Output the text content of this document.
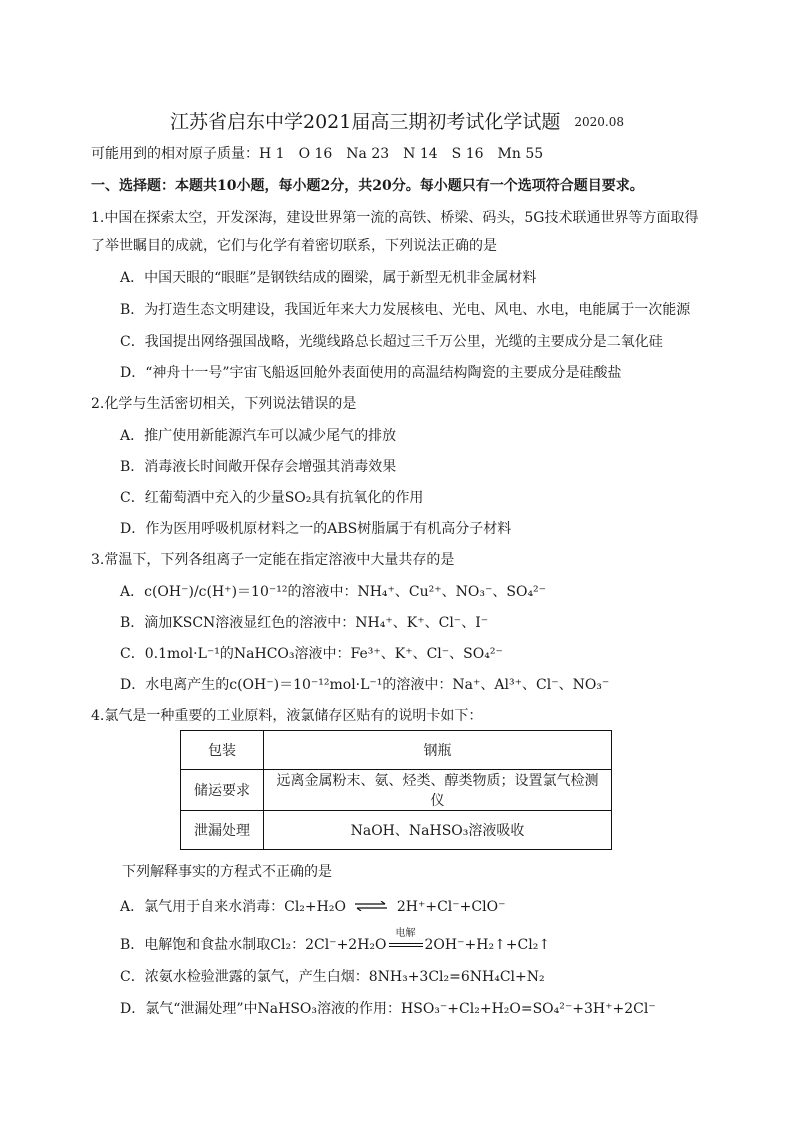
江苏省启东中学2021届高三期初考试化学试题 2020.08
可能用到的相对原子质量：H 1　O 16　Na 23　N 14　S 16　Mn 55
一、选择题：本题共10小题，每小题2分，共20分。每小题只有一个选项符合题目要求。
1.中国在探索太空，开发深海，建设世界第一流的高铁、桥梁、码头，5G技术联通世界等方面取得
了举世瞩目的成就，它们与化学有着密切联系，下列说法正确的是
A．中国天眼的“眼眶”是钢铁结成的圈梁，属于新型无机非金属材料
B．为打造生态文明建设，我国近年来大力发展核电、光电、风电、水电，电能属于一次能源
C．我国提出网络强国战略，光缆线路总长超过三千万公里，光缆的主要成分是二氧化硅
D．“神舟十一号”宇宙飞船返回舱外表面使用的高温结构陶瓷的主要成分是硅酸盐
2.化学与生活密切相关，下列说法错误的是
A．推广使用新能源汽车可以减少尾气的排放
B．消毒液长时间敞开保存会增强其消毒效果
C．红葡萄酒中充入的少量SO₂具有抗氧化的作用
D．作为医用呼吸机原材料之一的ABS树脂属于有机高分子材料
3.常温下，下列各组离子一定能在指定溶液中大量共存的是
A．c(OH⁻)/c(H⁺)＝10⁻¹²的溶液中：NH₄⁺、Cu²⁺、NO₃⁻、SO₄²⁻
B．滴加KSCN溶液显红色的溶液中：NH₄⁺、K⁺、Cl⁻、I⁻
C．0.1mol·L⁻¹的NaHCO₃溶液中：Fe³⁺、K⁺、Cl⁻、SO₄²⁻
D．水电离产生的c(OH⁻)＝10⁻¹²mol·L⁻¹的溶液中：Na⁺、Al³⁺、Cl⁻、NO₃⁻
4.氯气是一种重要的工业原料，液氯储存区贴有的说明卡如下：
包装	钢瓶
储运要求	远离金属粉末、氨、烃类、醇类物质；设置氯气检测仪
泄漏处理	NaOH、NaHSO₃溶液吸收
下列解释事实的方程式不正确的是
A．氯气用于自来水消毒：Cl₂+H₂O ⇌ 2H⁺+Cl⁻+ClO⁻
B．电解饱和食盐水制取Cl₂：2Cl⁻+2H₂O
电解
2OH⁻+H₂↑+Cl₂↑
C．浓氨水检验泄露的氯气，产生白烟：8NH₃+3Cl₂=6NH₄Cl+N₂
D．氯气“泄漏处理”中NaHSO₃溶液的作用：HSO₃⁻+Cl₂+H₂O=SO₄²⁻+3H⁺+2Cl⁻
